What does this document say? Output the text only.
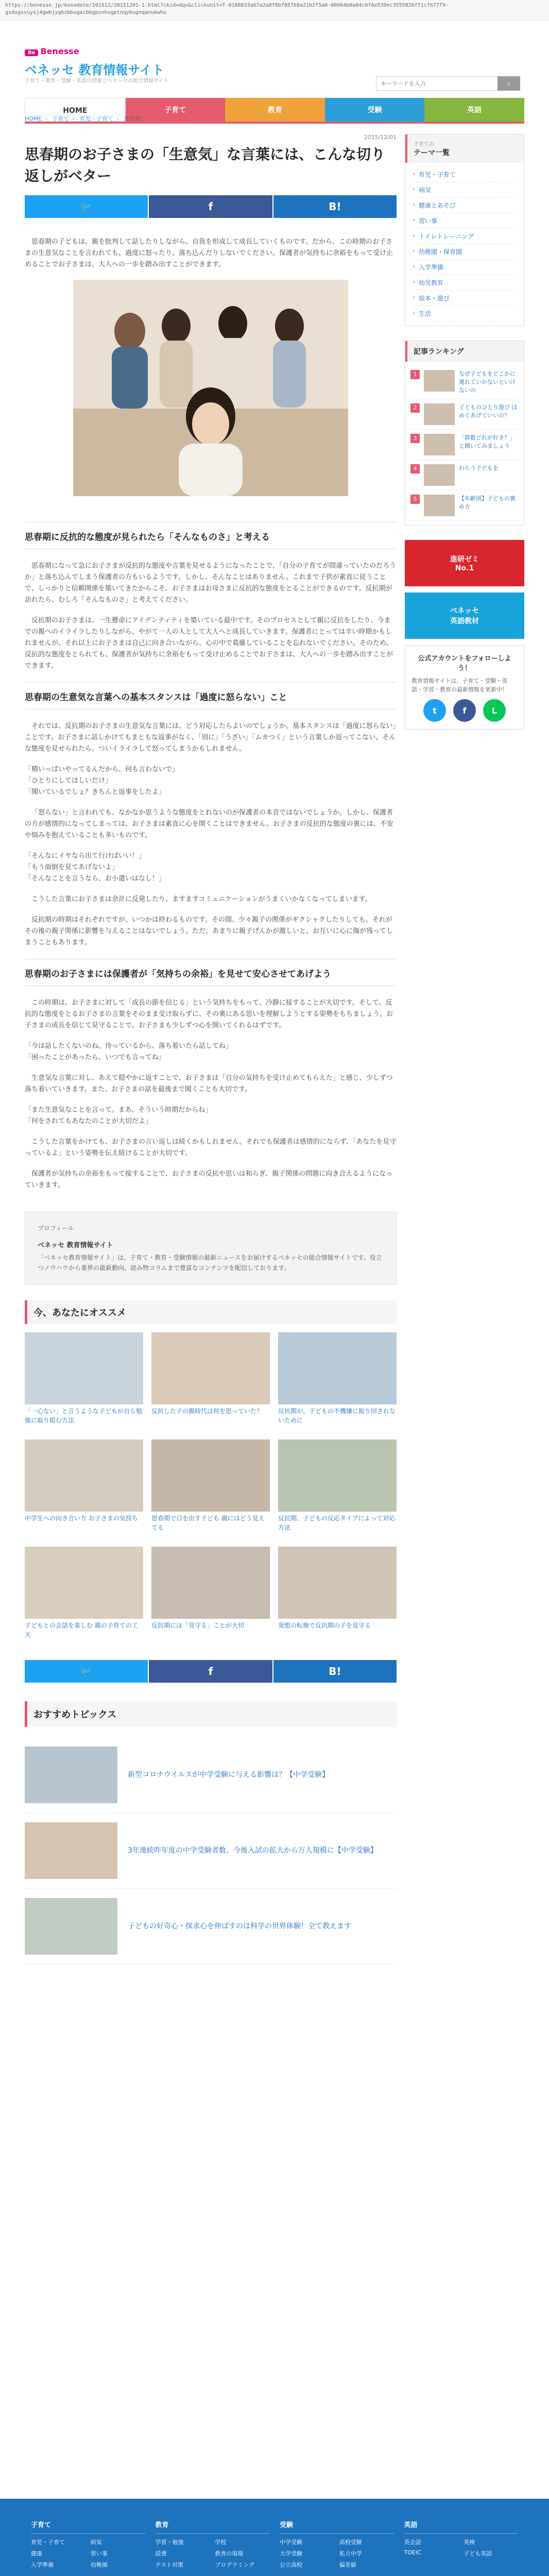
https://benesse.jp/kosodate/201512/20151201-1.html?ckid=dqv&clickunit=T-0180833a67a2a8f8bf85f68a21b2f5a0-00664b0a84c0f6e539ec3555826ff1cf677f9-gsdogsvuysj4gwbjygbzbbugacbbgpsnhvgptnqybugnqanuewhu
Be Benesse
ベネッセ 教育情報サイト
子育て・教育・受験・英語の情報とベネッセの総合情報サイト
キーワードを入力	⌕
HOME	子育て	教育	受験	英語
HOME › 子育て › 育児・子育て › 思春期
2015/12/01
思春期のお子さまの「生意気」な言葉には、こんな切り返しがベター
🐦	f	B!

思春期の子どもは、親を批判して話したりしながら、自我を形成して成長していくものです。だから、この時期のお子さまの生意気なことを言われても、過度に怒ったり、落ち込んだりしないでください。保護者が気持ちに余裕をもって受け止めることでお子さまは、大人への一歩を踏み出すことができます。

思春期に反抗的な態度が見られたら「そんなものさ」と考える

思春期になって急にお子さまが反抗的な態度や言葉を見せるようになったことで、「自分の子育てが間違っていたのだろうか」と落ち込んでしまう保護者の方もいるようです。しかし、そんなことはありません。これまで子供が素直に従うことで、しっかりと信頼関係を築いてきたからこそ、お子さまはお母さまに反抗的な態度をとることができるのです。反抗期が訪れたら、むしろ「そんなものさ」と考えてください。

反抗期のお子さまは、一生懸命にアイデンティティを築いている最中です。そのプロセスとして親に反抗をしたり、今までの親へのイライラしたりしながら、やがて一人の人として大人へと成長していきます。保護者にとっては辛い時期かもしれませんが、それ以上にお子さまは自己に向き合いながら、心の中で葛藤していることを忘れないでください。そのため、反抗的な態度をとられても、保護者が気持ちに余裕をもって受け止めることでお子さまは、大人への一歩を踏み出すことができます。

思春期の生意気な言葉への基本スタンスは「過度に怒らない」こと

それでは、反抗期のお子さまの生意気な言葉には、どう対応したらよいのでしょうか。基本スタンスは「過度に怒らない」ことです。お子さまに話しかけてもまともな返事がなく、「別に」「うざい」「ムカつく」という言葉しか返ってこない。そんな態度を見せられたら、ついイライラして怒ってしまうかもしれません。

「精いっぱいやってるんだから、何も言わないで」
「ひとりにしてほしいだけ」
「聞いているでしょ？きちんと返事をしたよ」

「怒らない」と言われても、なかなか思うような態度をとれないのが保護者の本音ではないでしょうか。しかし、保護者の方が感情的になってしまっては、お子さまは素直に心を開くことはできません。お子さまの反抗的な態度の裏には、不安や悩みを抱えていることも多いものです。

「そんなにイヤなら出て行けばいい！」
「もう面倒を見てあげないよ」
「そんなことを言うなら、お小遣いはなし！」

こうした言葉にお子さまは余計に反発したり、ますますコミュニケーションがうまくいかなくなってしまいます。

反抗期の時期はそれぞれですが、いつかは終わるものです。その間、少々親子の関係がギクシャクしたりしても、それがその後の親子関係に影響を与えることはないでしょう。ただ、あまりに親子げんかが激しいと、お互いに心に傷が残ってしまうこともあります。

思春期のお子さまには保護者が「気持ちの余裕」を見せて安心させてあげよう

この時期は、お子さまに対して「成長の節を信じる」という気持ちをもって、冷静に接することが大切です。そして、反抗的な態度をとるお子さまの言葉をそのまま受け取らずに、その裏にある思いを理解しようとする姿勢をもちましょう。お子さまの成長を信じて見守ることで、お子さまも少しずつ心を開いてくれるはずです。

「今は話したくないのね。待っているから、落ち着いたら話してね」
「困ったことがあったら、いつでも言ってね」

生意気な言葉に対し、あえて穏やかに返すことで、お子さまは「自分の気持ちを受け止めてもらえた」と感じ、少しずつ落ち着いていきます。また、お子さまの話を最後まで聞くことも大切です。

「また生意気なことを言って。まあ、そういう時期だからね」
「何をされてもあなたのことが大切だよ」

こうした言葉をかけても、お子さまの言い返しは続くかもしれません。それでも保護者は感情的にならず、「あなたを見守っているよ」という姿勢を伝え続けることが大切です。

保護者が気持ちの余裕をもって接することで、お子さまの反抗や思いは和らぎ、親子関係の問題に向き合えるようになっていきます。

プロフィール
ベネッセ 教育情報サイト
「ベネッセ教育情報サイト」は、子育て・教育・受験情報の最新ニュースをお届けするベネッセの総合情報サイトです。役立つノウハウから業界の最新動向、読み物コラムまで豊富なコンテンツを配信しております。
今、あなたにオススメ
「一心ない」と言うような子どもが自ら勉強に取り組む方法
反抗した子の親時代は何を思っていた？	反抗期が、子どもの不機嫌に振り回されないために
中学生への向き合い方 お子さまの気持ち	思春期で口を出す子ども 親にはどう見えてる
反抗期、子どもの反応タイプによって対応方法
子どもとの会話を楽しむ 親の子育ての工夫
反抗期には「見守る」ことが大切	発想の転換で反抗期の子を見守る
🐦	f	B!
おすすめトピックス
新型コロナウイルスが中学受験に与える影響は？【中学受験】
3年連続昨年度の中学受験者数、今後入試の拡大から万人規模に【中学受験】
子どもの好奇心・探求心を伸ばすのは科学の世界体験！全て教えます
子育ての
テーマ一覧
› 育児・子育て
› 病気
› 健康とあそび
› 習い事
› トイレトレーニング
› 幼稚園・保育園
› 入学準備
› 幼児教育
› 絵本・遊び
› 生活
記事ランキング
1	なぜ子どもをどこかに連れていかないといけないの
2	子どものひとり遊び ほめてあげていいの？
3	「算数どれが好き？」と聞いてみましょう
4	わらう子どもを
5	【年齢別】子どもの褒め方
進研ゼミ
No.1
ベネッセ
英語教材
公式アカウントをフォローしよう！
教育情報サイトは、子育て・受験・英語・学習・教育の最新情報を更新中！
t	f	L
子育て
育児・子育て	病気
健康	習い事
入学準備	幼稚園
教育
学習・勉強	学校
読書	教育の現場
テスト対策	プログラミング
受験
中学受験	高校受験
大学受験	私立中学
公立高校	偏差値
英語
英会話	英検
TOEIC	子ども英語
